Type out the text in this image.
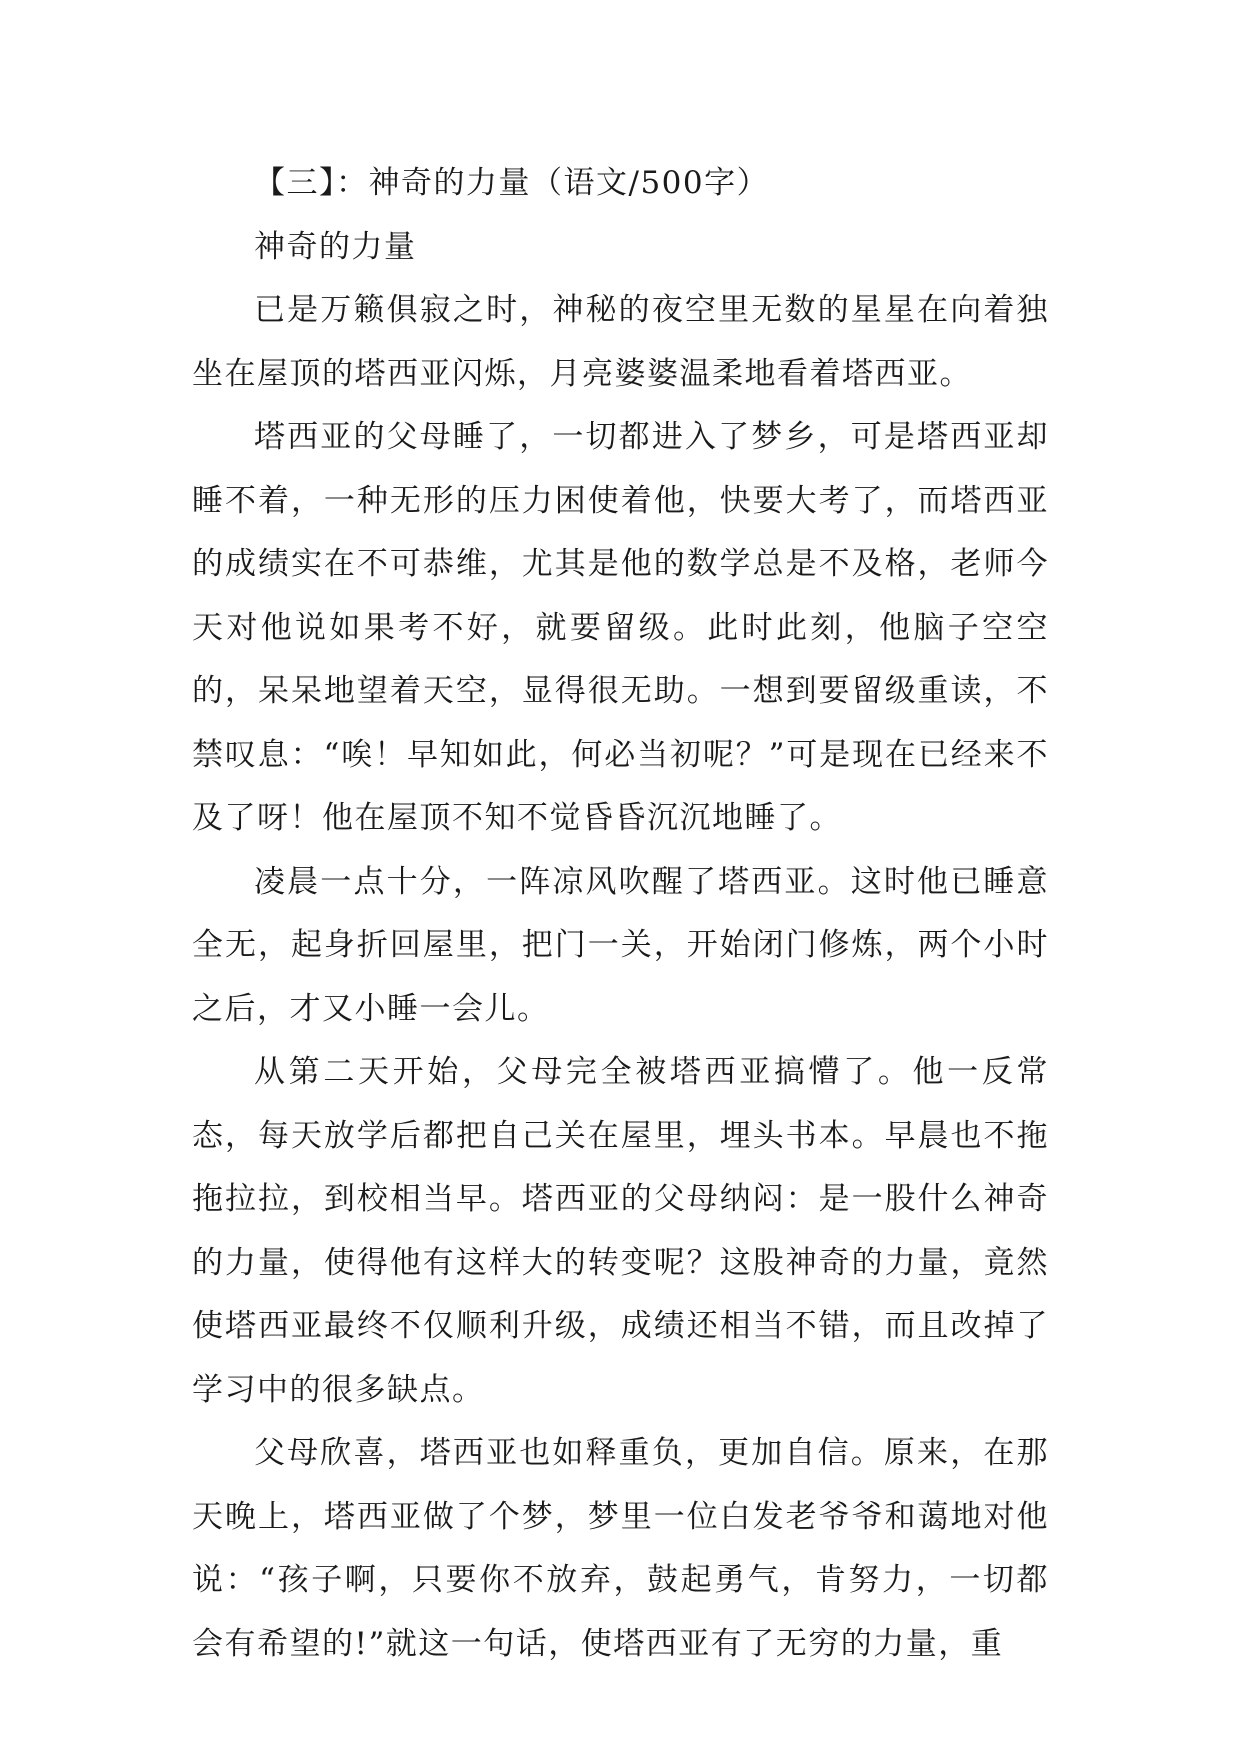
【三】：神奇的力量（语文/500字）
神奇的力量

已是万籁俱寂之时，神秘的夜空里无数的星星在向着独坐在屋顶的塔西亚闪烁，月亮婆婆温柔地看着塔西亚。

塔西亚的父母睡了，一切都进入了梦乡，可是塔西亚却睡不着，一种无形的压力困使着他，快要大考了，而塔西亚的成绩实在不可恭维，尤其是他的数学总是不及格，老师今天对他说如果考不好，就要留级。此时此刻，他脑子空空的，呆呆地望着天空，显得很无助。一想到要留级重读，不禁叹息：“唉！早知如此，何必当初呢？”可是现在已经来不及了呀！他在屋顶不知不觉昏昏沉沉地睡了。

凌晨一点十分，一阵凉风吹醒了塔西亚。这时他已睡意全无，起身折回屋里，把门一关，开始闭门修炼，两个小时之后，才又小睡一会儿。

从第二天开始，父母完全被塔西亚搞懵了。他一反常态，每天放学后都把自己关在屋里，埋头书本。早晨也不拖拖拉拉，到校相当早。塔西亚的父母纳闷：是一股什么神奇的力量，使得他有这样大的转变呢？这股神奇的力量，竟然使塔西亚最终不仅顺利升级，成绩还相当不错，而且改掉了学习中的很多缺点。

父母欣喜，塔西亚也如释重负，更加自信。原来，在那天晚上，塔西亚做了个梦，梦里一位白发老爷爷和蔼地对他说：“孩子啊，只要你不放弃，鼓起勇气，肯努力，一切都会有希望的!”就这一句话，使塔西亚有了无穷的力量，重
